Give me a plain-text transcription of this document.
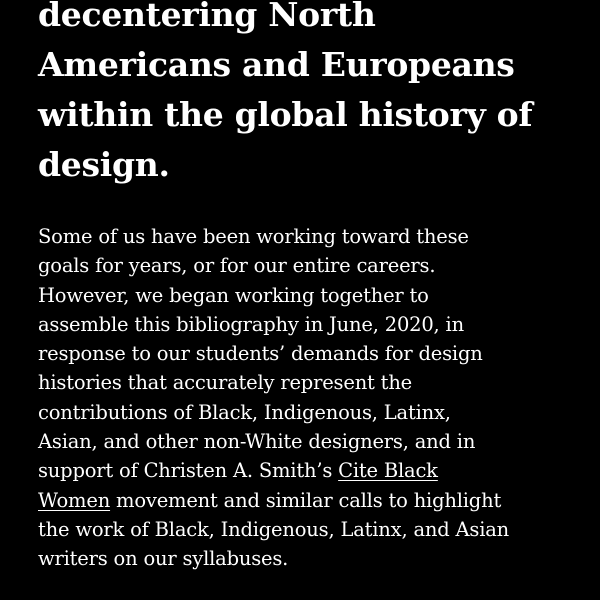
decentering North
Americans and Europeans
within the global history of
design.

Some of us have been working toward these
goals for years, or for our entire careers.
However, we began working together to
assemble this bibliography in June, 2020, in
response to our students’ demands for design
histories that accurately represent the
contributions of Black, Indigenous, Latinx,
Asian, and other non-White designers, and in
support of Christen A. Smith’s Cite Black
Women movement and similar calls to highlight
the work of Black, Indigenous, Latinx, and Asian
writers on our syllabuses.
